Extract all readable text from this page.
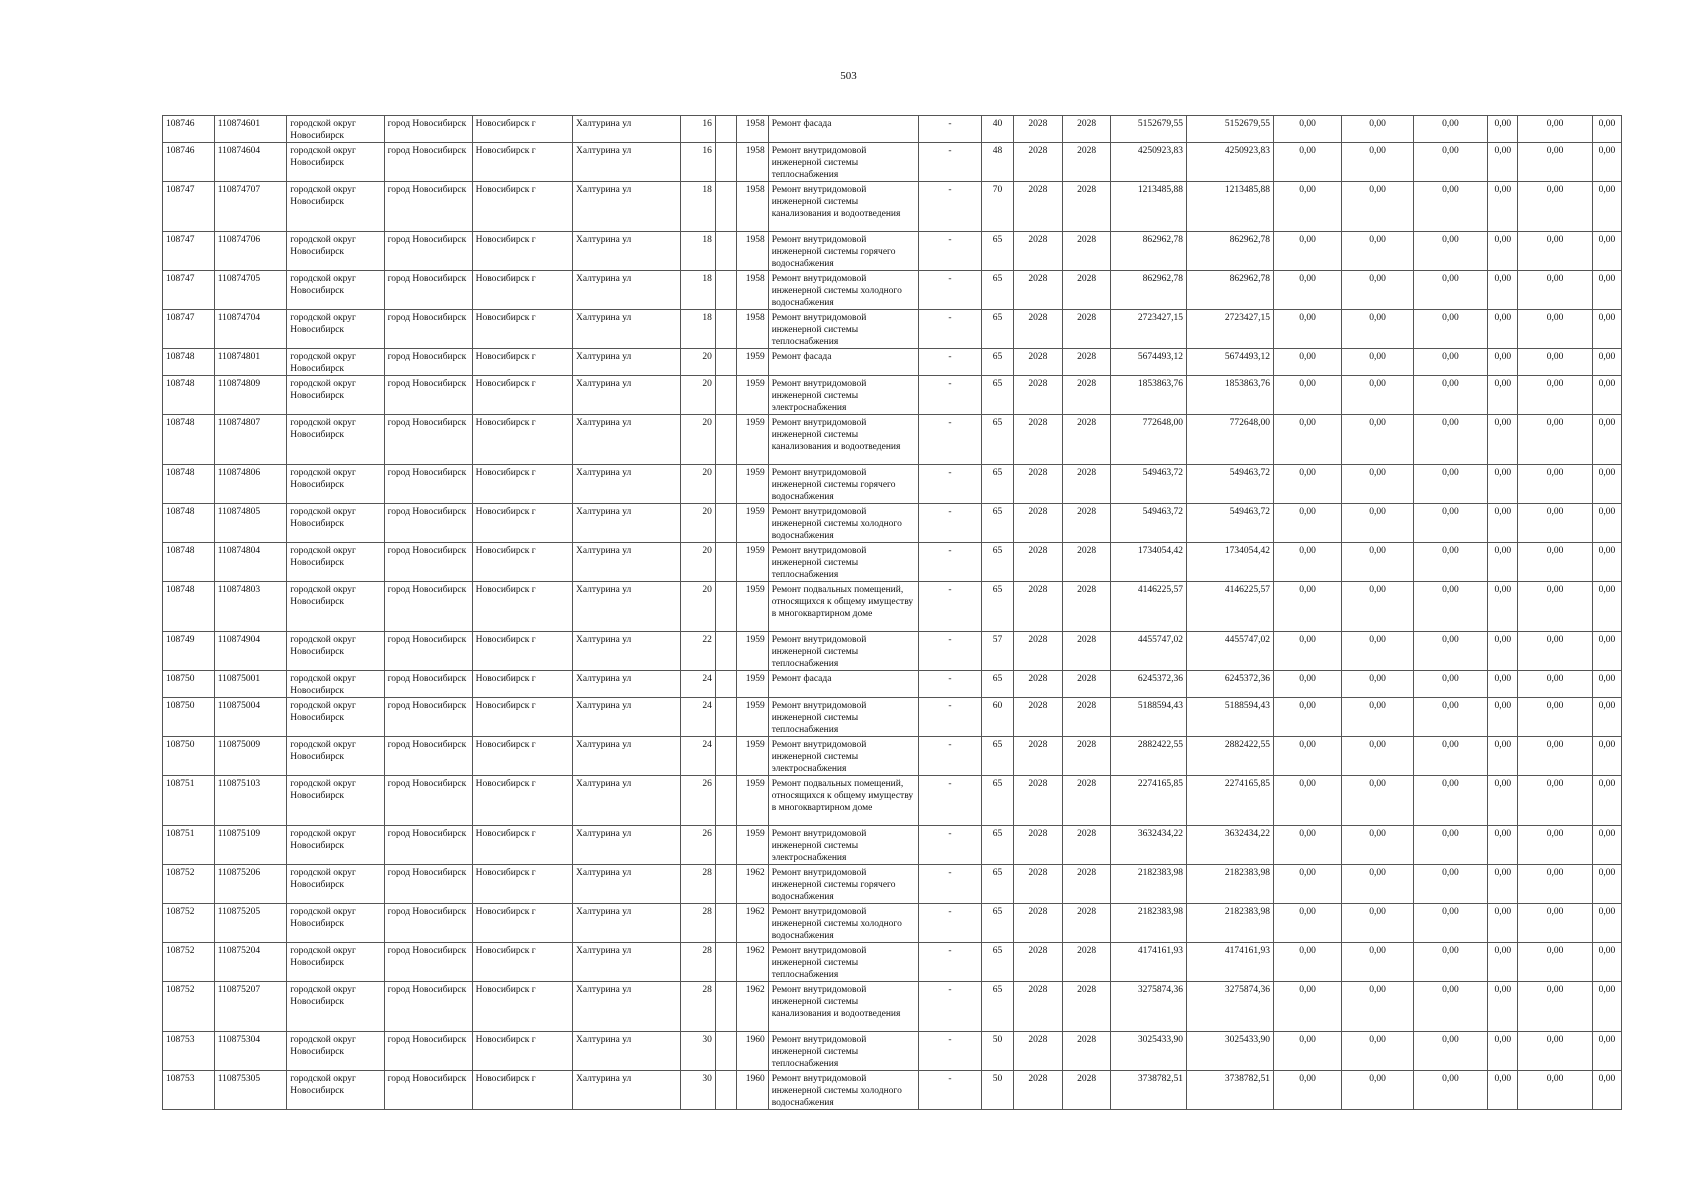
503
108746	110874601	городской округ Новосибирск	город Новосибирск	Новосибирск г	Халтурина ул	16		1958	Ремонт фасада	-	40	2028	2028	5152679,55	5152679,55	0,00	0,00	0,00	0,00	0,00	0,00
108746	110874604	городской округ Новосибирск	город Новосибирск	Новосибирск г	Халтурина ул	16		1958	Ремонт внутридомовой инженерной системы теплоснабжения	-	48	2028	2028	4250923,83	4250923,83	0,00	0,00	0,00	0,00	0,00	0,00
108747	110874707	городской округ Новосибирск	город Новосибирск	Новосибирск г	Халтурина ул	18		1958	Ремонт внутридомовой инженерной системы канализования и водоотведения	-	70	2028	2028	1213485,88	1213485,88	0,00	0,00	0,00	0,00	0,00	0,00
108747	110874706	городской округ Новосибирск	город Новосибирск	Новосибирск г	Халтурина ул	18		1958	Ремонт внутридомовой инженерной системы горячего водоснабжения	-	65	2028	2028	862962,78	862962,78	0,00	0,00	0,00	0,00	0,00	0,00
108747	110874705	городской округ Новосибирск	город Новосибирск	Новосибирск г	Халтурина ул	18		1958	Ремонт внутридомовой инженерной системы холодного водоснабжения	-	65	2028	2028	862962,78	862962,78	0,00	0,00	0,00	0,00	0,00	0,00
108747	110874704	городской округ Новосибирск	город Новосибирск	Новосибирск г	Халтурина ул	18		1958	Ремонт внутридомовой инженерной системы теплоснабжения	-	65	2028	2028	2723427,15	2723427,15	0,00	0,00	0,00	0,00	0,00	0,00
108748	110874801	городской округ Новосибирск	город Новосибирск	Новосибирск г	Халтурина ул	20		1959	Ремонт фасада	-	65	2028	2028	5674493,12	5674493,12	0,00	0,00	0,00	0,00	0,00	0,00
108748	110874809	городской округ Новосибирск	город Новосибирск	Новосибирск г	Халтурина ул	20		1959	Ремонт внутридомовой инженерной системы электроснабжения	-	65	2028	2028	1853863,76	1853863,76	0,00	0,00	0,00	0,00	0,00	0,00
108748	110874807	городской округ Новосибирск	город Новосибирск	Новосибирск г	Халтурина ул	20		1959	Ремонт внутридомовой инженерной системы канализования и водоотведения	-	65	2028	2028	772648,00	772648,00	0,00	0,00	0,00	0,00	0,00	0,00
108748	110874806	городской округ Новосибирск	город Новосибирск	Новосибирск г	Халтурина ул	20		1959	Ремонт внутридомовой инженерной системы горячего водоснабжения	-	65	2028	2028	549463,72	549463,72	0,00	0,00	0,00	0,00	0,00	0,00
108748	110874805	городской округ Новосибирск	город Новосибирск	Новосибирск г	Халтурина ул	20		1959	Ремонт внутридомовой инженерной системы холодного водоснабжения	-	65	2028	2028	549463,72	549463,72	0,00	0,00	0,00	0,00	0,00	0,00
108748	110874804	городской округ Новосибирск	город Новосибирск	Новосибирск г	Халтурина ул	20		1959	Ремонт внутридомовой инженерной системы теплоснабжения	-	65	2028	2028	1734054,42	1734054,42	0,00	0,00	0,00	0,00	0,00	0,00
108748	110874803	городской округ Новосибирск	город Новосибирск	Новосибирск г	Халтурина ул	20		1959	Ремонт подвальных помещений, относящихся к общему имуществу в многоквартирном доме	-	65	2028	2028	4146225,57	4146225,57	0,00	0,00	0,00	0,00	0,00	0,00
108749	110874904	городской округ Новосибирск	город Новосибирск	Новосибирск г	Халтурина ул	22		1959	Ремонт внутридомовой инженерной системы теплоснабжения	-	57	2028	2028	4455747,02	4455747,02	0,00	0,00	0,00	0,00	0,00	0,00
108750	110875001	городской округ Новосибирск	город Новосибирск	Новосибирск г	Халтурина ул	24		1959	Ремонт фасада	-	65	2028	2028	6245372,36	6245372,36	0,00	0,00	0,00	0,00	0,00	0,00
108750	110875004	городской округ Новосибирск	город Новосибирск	Новосибирск г	Халтурина ул	24		1959	Ремонт внутридомовой инженерной системы теплоснабжения	-	60	2028	2028	5188594,43	5188594,43	0,00	0,00	0,00	0,00	0,00	0,00
108750	110875009	городской округ Новосибирск	город Новосибирск	Новосибирск г	Халтурина ул	24		1959	Ремонт внутридомовой инженерной системы электроснабжения	-	65	2028	2028	2882422,55	2882422,55	0,00	0,00	0,00	0,00	0,00	0,00
108751	110875103	городской округ Новосибирск	город Новосибирск	Новосибирск г	Халтурина ул	26		1959	Ремонт подвальных помещений, относящихся к общему имуществу в многоквартирном доме	-	65	2028	2028	2274165,85	2274165,85	0,00	0,00	0,00	0,00	0,00	0,00
108751	110875109	городской округ Новосибирск	город Новосибирск	Новосибирск г	Халтурина ул	26		1959	Ремонт внутридомовой инженерной системы электроснабжения	-	65	2028	2028	3632434,22	3632434,22	0,00	0,00	0,00	0,00	0,00	0,00
108752	110875206	городской округ Новосибирск	город Новосибирск	Новосибирск г	Халтурина ул	28		1962	Ремонт внутридомовой инженерной системы горячего водоснабжения	-	65	2028	2028	2182383,98	2182383,98	0,00	0,00	0,00	0,00	0,00	0,00
108752	110875205	городской округ Новосибирск	город Новосибирск	Новосибирск г	Халтурина ул	28		1962	Ремонт внутридомовой инженерной системы холодного водоснабжения	-	65	2028	2028	2182383,98	2182383,98	0,00	0,00	0,00	0,00	0,00	0,00
108752	110875204	городской округ Новосибирск	город Новосибирск	Новосибирск г	Халтурина ул	28		1962	Ремонт внутридомовой инженерной системы теплоснабжения	-	65	2028	2028	4174161,93	4174161,93	0,00	0,00	0,00	0,00	0,00	0,00
108752	110875207	городской округ Новосибирск	город Новосибирск	Новосибирск г	Халтурина ул	28		1962	Ремонт внутридомовой инженерной системы канализования и водоотведения	-	65	2028	2028	3275874,36	3275874,36	0,00	0,00	0,00	0,00	0,00	0,00
108753	110875304	городской округ Новосибирск	город Новосибирск	Новосибирск г	Халтурина ул	30		1960	Ремонт внутридомовой инженерной системы теплоснабжения	-	50	2028	2028	3025433,90	3025433,90	0,00	0,00	0,00	0,00	0,00	0,00
108753	110875305	городской округ Новосибирск	город Новосибирск	Новосибирск г	Халтурина ул	30		1960	Ремонт внутридомовой инженерной системы холодного водоснабжения	-	50	2028	2028	3738782,51	3738782,51	0,00	0,00	0,00	0,00	0,00	0,00
